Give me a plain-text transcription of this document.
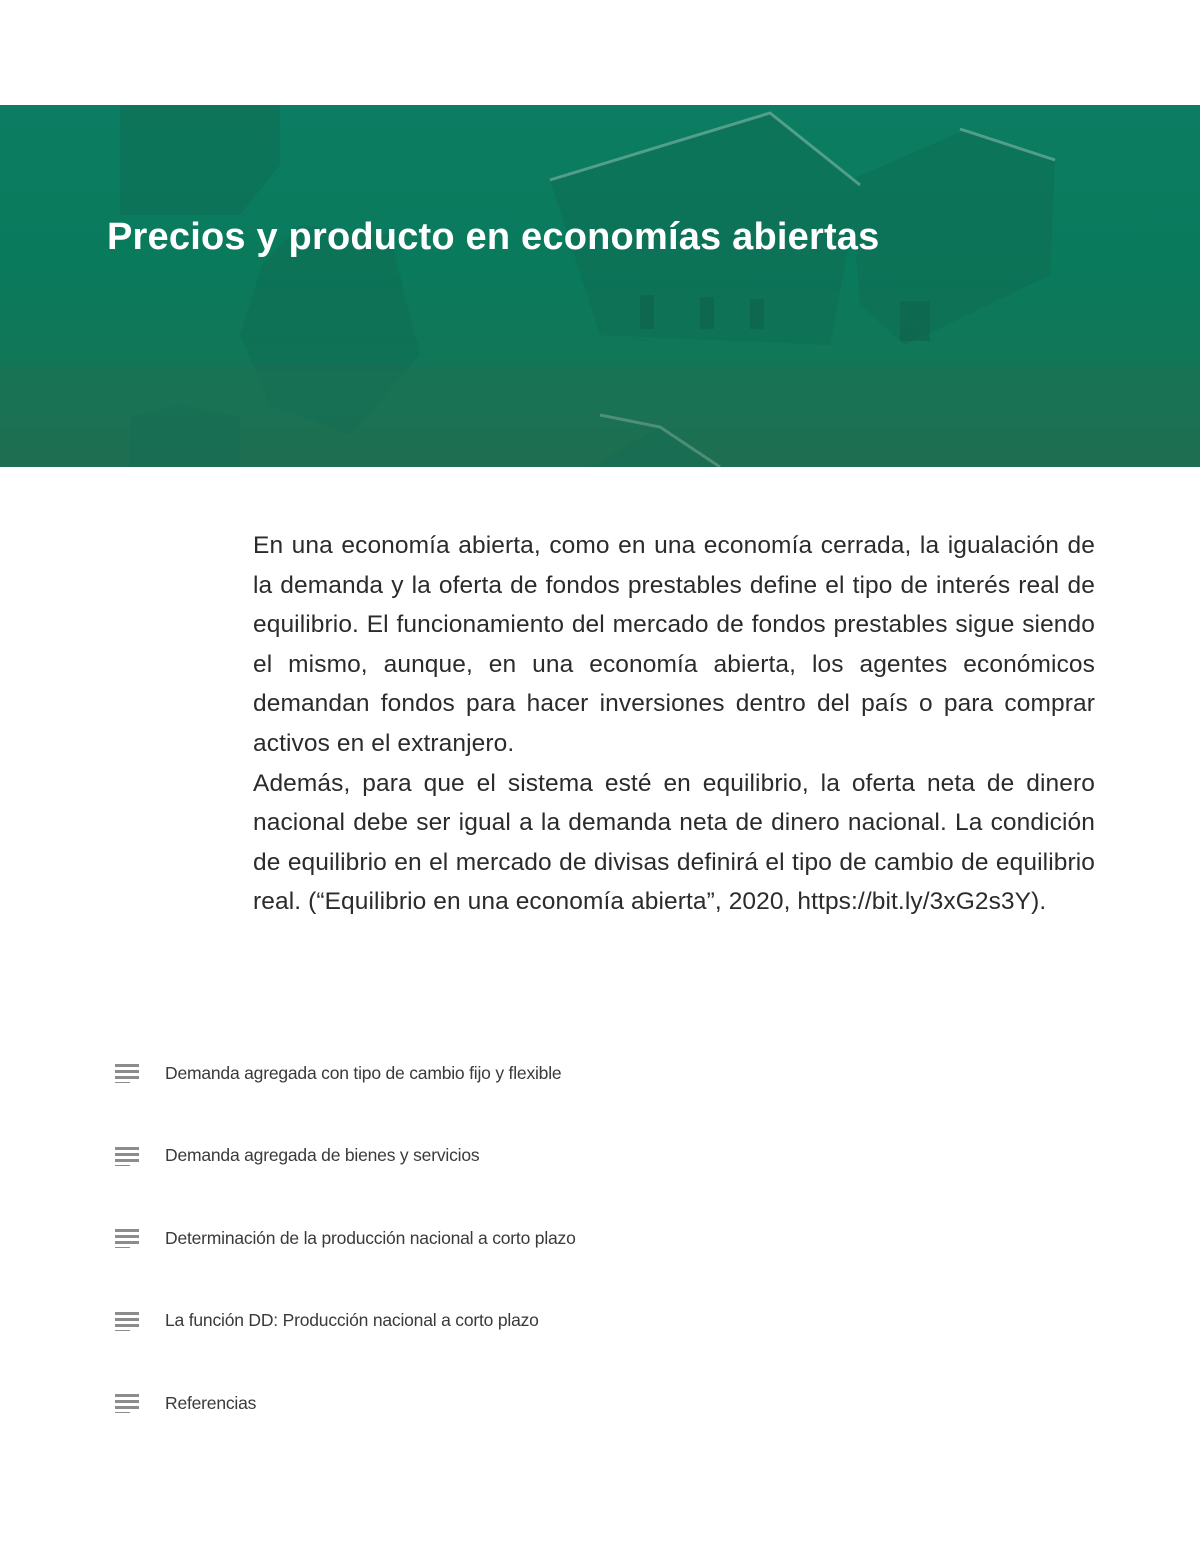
Precios y producto en economías abiertas

En una economía abierta, como en una economía cerrada, la igualación de la demanda y la oferta de fondos prestables define el tipo de interés real de equilibrio. El funcionamiento del mercado de fondos prestables sigue siendo el mismo, aunque, en una economía abierta, los agentes económicos demandan fondos para hacer inversiones dentro del país o para comprar activos en el extranjero.

Además, para que el sistema esté en equilibrio, la oferta neta de dinero nacional debe ser igual a la demanda neta de dinero nacional. La condición de equilibrio en el mercado de divisas definirá el tipo de cambio de equilibrio real. (“Equilibrio en una economía abierta”, 2020, https://bit.ly/3xG2s3Y).

Demanda agregada con tipo de cambio fijo y flexible
Demanda agregada de bienes y servicios
Determinación de la producción nacional a corto plazo
La función DD: Producción nacional a corto plazo
Referencias
